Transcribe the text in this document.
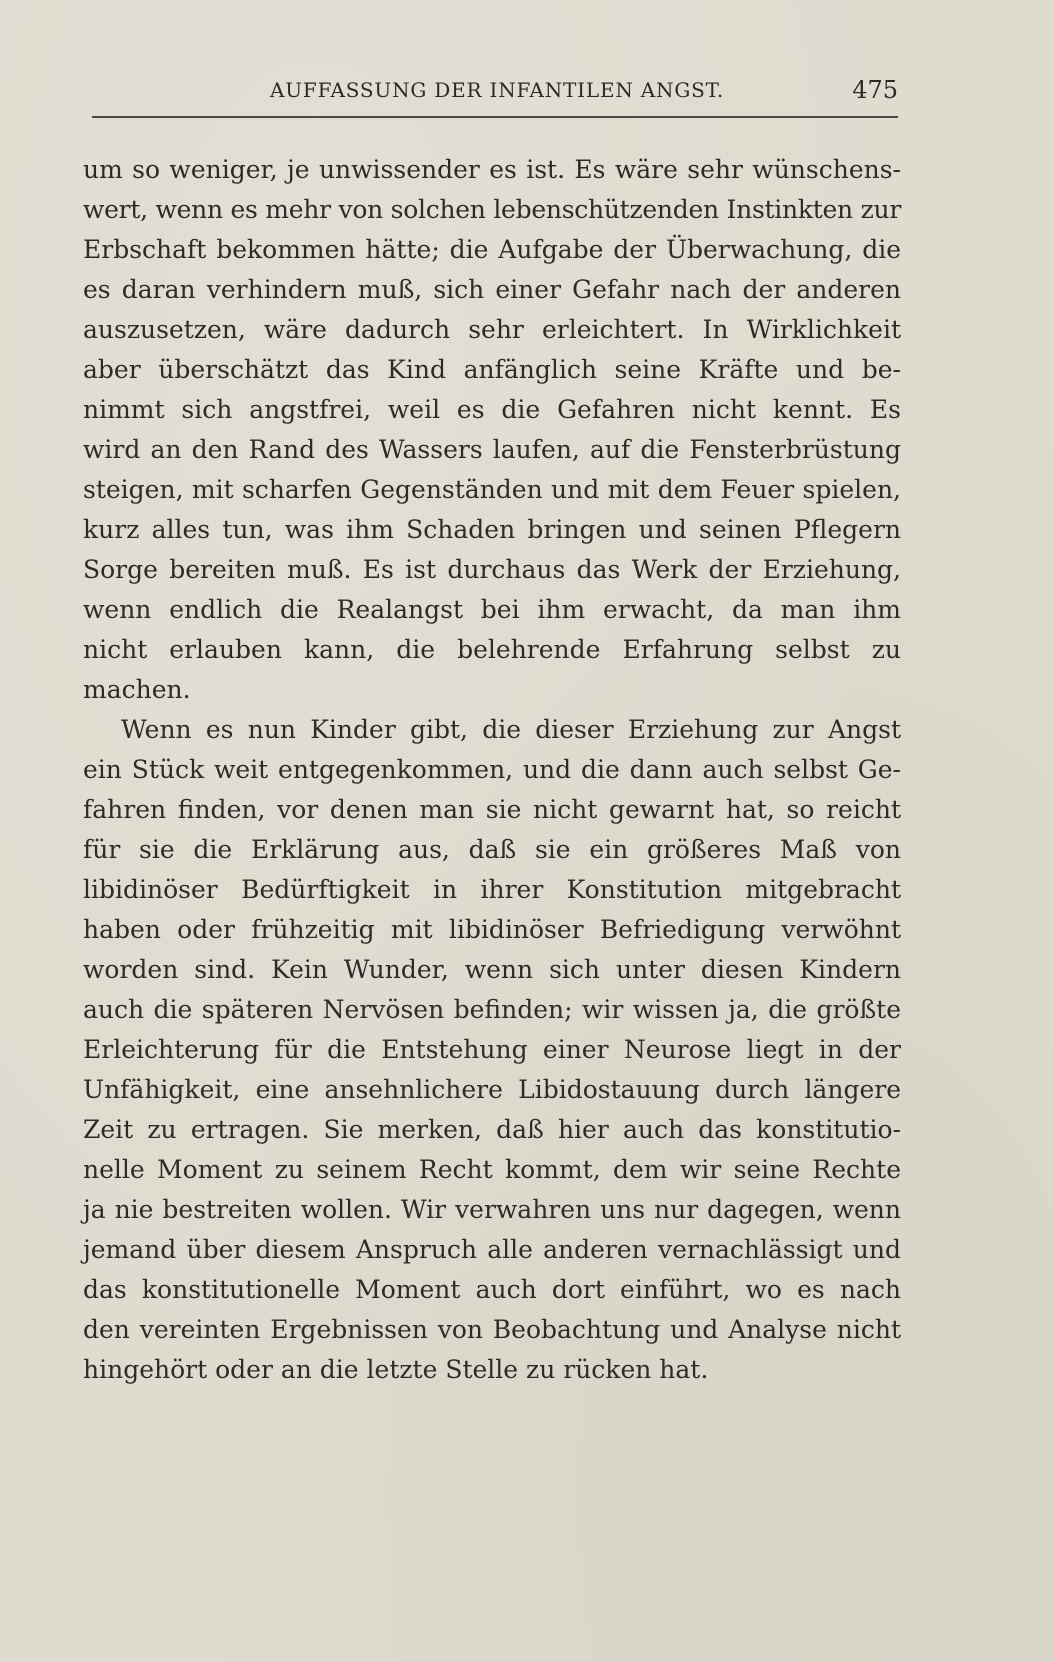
AUFFASSUNG DER INFANTILEN ANGST.	475
um so weniger, je unwissender es ist. Es wäre sehr wünschens-
wert, wenn es mehr von solchen lebenschützenden Instinkten zur
Erbschaft bekommen hätte; die Aufgabe der Überwachung, die
es daran verhindern muß, sich einer Gefahr nach der anderen
auszusetzen, wäre dadurch sehr erleichtert. In Wirklichkeit
aber überschätzt das Kind anfänglich seine Kräfte und be-
nimmt sich angstfrei, weil es die Gefahren nicht kennt. Es
wird an den Rand des Wassers laufen, auf die Fensterbrüstung
steigen, mit scharfen Gegenständen und mit dem Feuer spielen,
kurz alles tun, was ihm Schaden bringen und seinen Pflegern
Sorge bereiten muß. Es ist durchaus das Werk der Erziehung,
wenn endlich die Realangst bei ihm erwacht, da man ihm
nicht erlauben kann, die belehrende Erfahrung selbst zu
machen.
Wenn es nun Kinder gibt, die dieser Erziehung zur Angst
ein Stück weit entgegenkommen, und die dann auch selbst Ge-
fahren finden, vor denen man sie nicht gewarnt hat, so reicht
für sie die Erklärung aus, daß sie ein größeres Maß von
libidinöser Bedürftigkeit in ihrer Konstitution mitgebracht
haben oder frühzeitig mit libidinöser Befriedigung verwöhnt
worden sind. Kein Wunder, wenn sich unter diesen Kindern
auch die späteren Nervösen befinden; wir wissen ja, die größte
Erleichterung für die Entstehung einer Neurose liegt in der
Unfähigkeit, eine ansehnlichere Libidostauung durch längere
Zeit zu ertragen. Sie merken, daß hier auch das konstitutio-
nelle Moment zu seinem Recht kommt, dem wir seine Rechte
ja nie bestreiten wollen. Wir verwahren uns nur dagegen, wenn
jemand über diesem Anspruch alle anderen vernachlässigt und
das konstitutionelle Moment auch dort einführt, wo es nach
den vereinten Ergebnissen von Beobachtung und Analyse nicht
hingehört oder an die letzte Stelle zu rücken hat.
